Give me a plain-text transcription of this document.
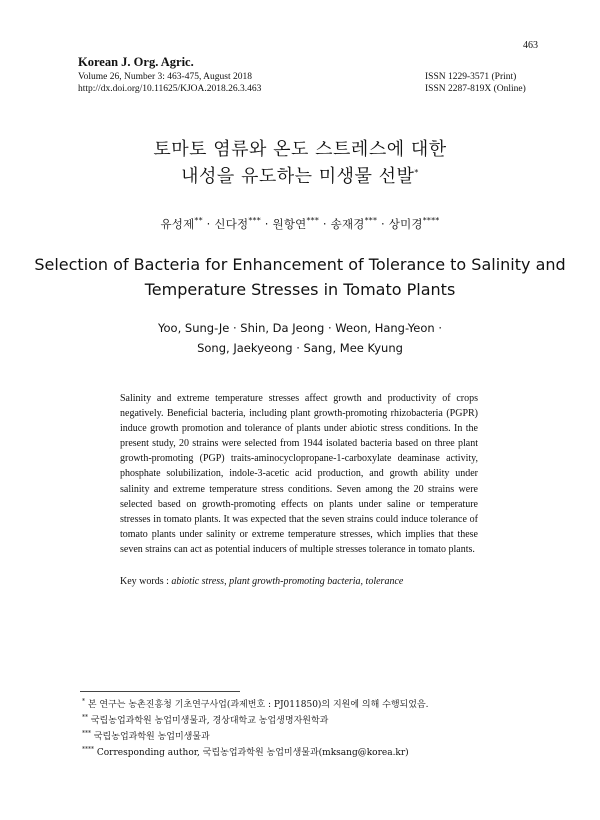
463
Korean J. Org. Agric.
Volume 26, Number 3: 463-475, August 2018
http://dx.doi.org/10.11625/KJOA.2018.26.3.463
ISSN 1229-3571 (Print)
ISSN 2287-819X (Online)
토마토 염류와 온도 스트레스에 대한
내성을 유도하는 미생물 선발*
유성제** · 신다정*** · 원항연*** · 송재경*** · 상미경****
Selection of Bacteria for Enhancement of Tolerance to Salinity and
Temperature Stresses in Tomato Plants
Yoo, Sung-Je · Shin, Da Jeong · Weon, Hang-Yeon ·
Song, Jaekyeong · Sang, Mee Kyung
Salinity and extreme temperature stresses affect growth and productivity of crops negatively. Beneficial bacteria, including plant growth-promoting rhizobacteria (PGPR) induce growth promotion and tolerance of plants under abiotic stress conditions. In the present study, 20 strains were selected from 1944 isolated bacteria based on three plant growth-promoting (PGP) traits-aminocyclopropane-1-carboxylate deaminase activity, phosphate solubilization, indole-3-acetic acid production, and growth ability under salinity and extreme temperature stress conditions. Seven among the 20 strains were selected based on growth-promoting effects on plants under saline or temperature stresses in tomato plants. It was expected that the seven strains could induce tolerance of tomato plants under salinity or extreme temperature stresses, which implies that these seven strains can act as potential inducers of multiple stresses tolerance in tomato plants.
Key words : abiotic stress, plant growth-promoting bacteria, tolerance
* 본 연구는 농촌진흥청 기초연구사업(과제번호 : PJ011850)의 지원에 의해 수행되었음.
** 국립농업과학원 농업미생물과, 경상대학교 농업생명자원학과
*** 국립농업과학원 농업미생물과
**** Corresponding author, 국립농업과학원 농업미생물과(mksang@korea.kr)
